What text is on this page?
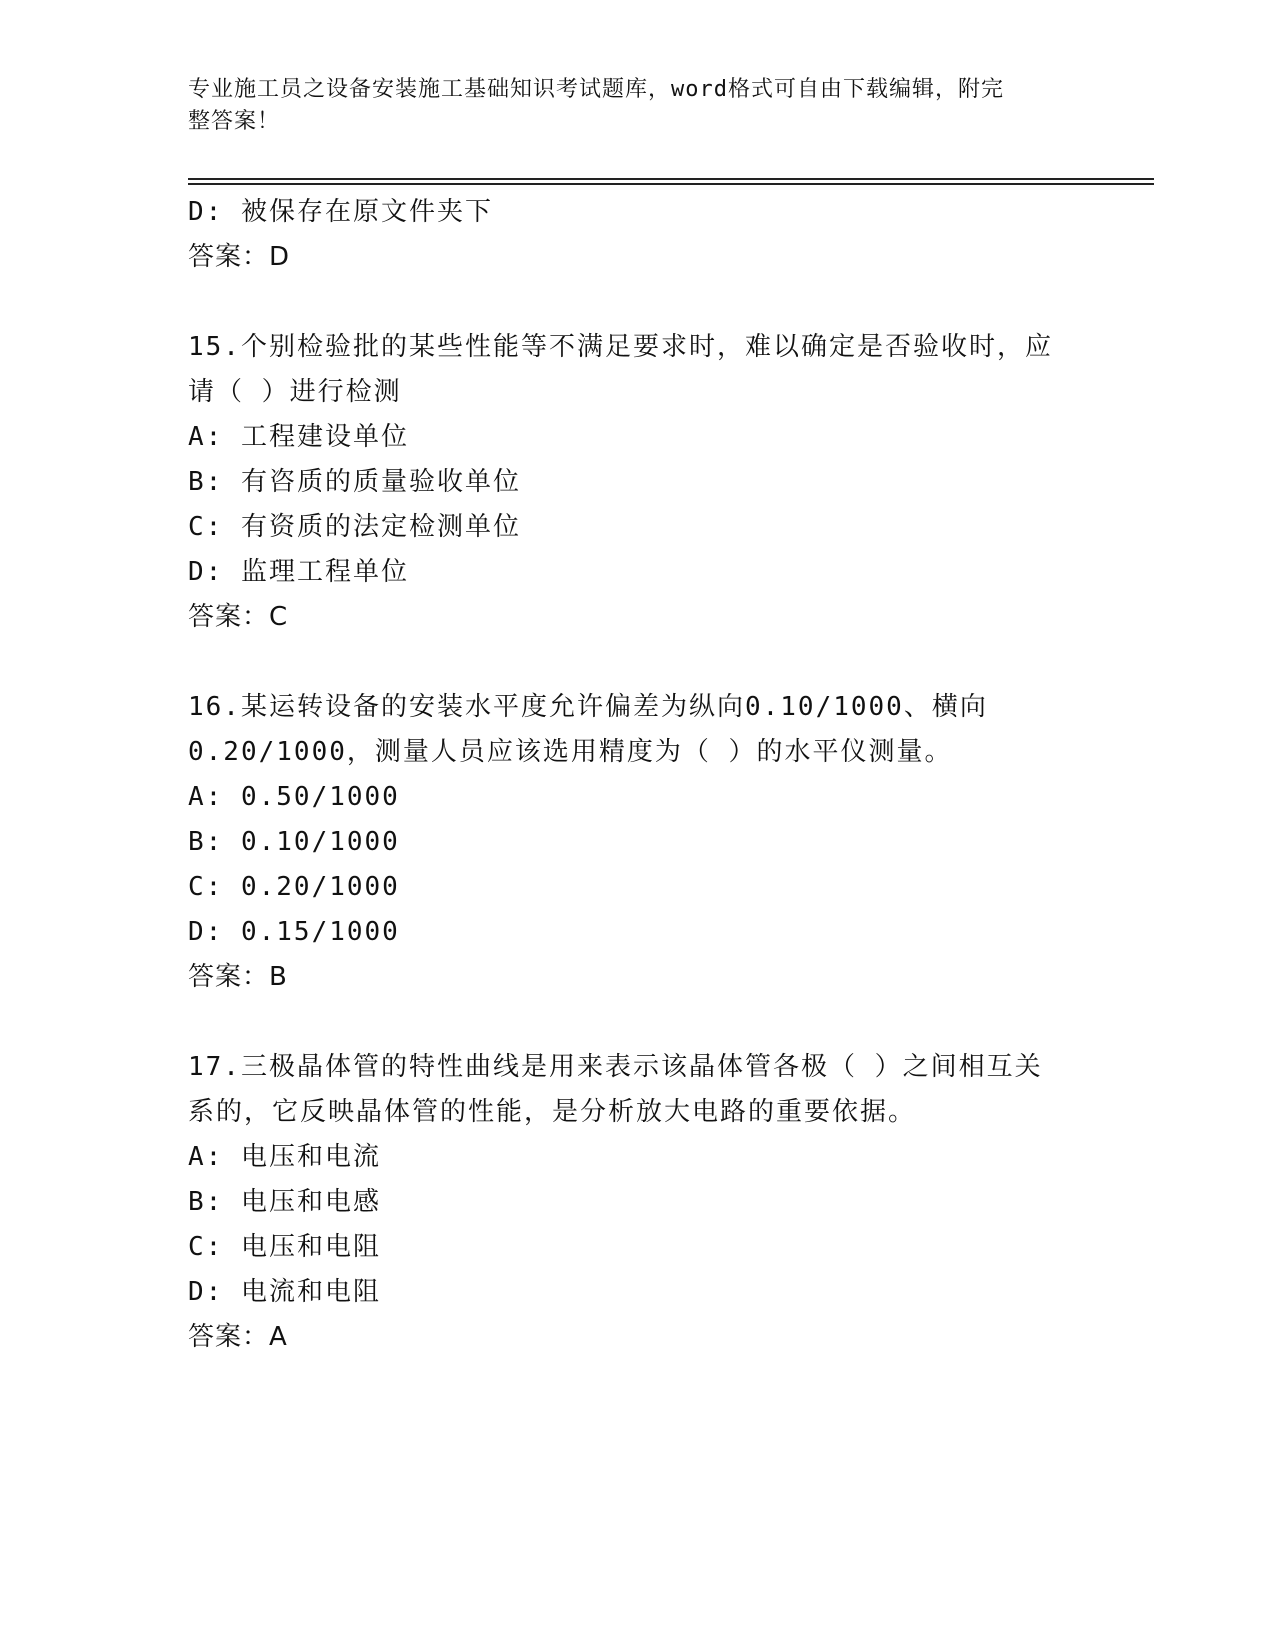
专业施工员之设备安装施工基础知识考试题库，word格式可自由下载编辑，附完
整答案！
D: 被保存在原文件夹下
答案：D
15.个别检验批的某些性能等不满足要求时，难以确定是否验收时，应
请（ ）进行检测
A: 工程建设单位
B: 有咨质的质量验收单位
C: 有资质的法定检测单位
D: 监理工程单位
答案：C
16.某运转设备的安装水平度允许偏差为纵向0.10/1000、横向
0.20/1000，测量人员应该选用精度为（ ）的水平仪测量。
A: 0.50/1000
B: 0.10/1000
C: 0.20/1000
D: 0.15/1000
答案：B
17.三极晶体管的特性曲线是用来表示该晶体管各极（ ）之间相互关
系的，它反映晶体管的性能，是分析放大电路的重要依据。
A: 电压和电流
B: 电压和电感
C: 电压和电阻
D: 电流和电阻
答案：A
